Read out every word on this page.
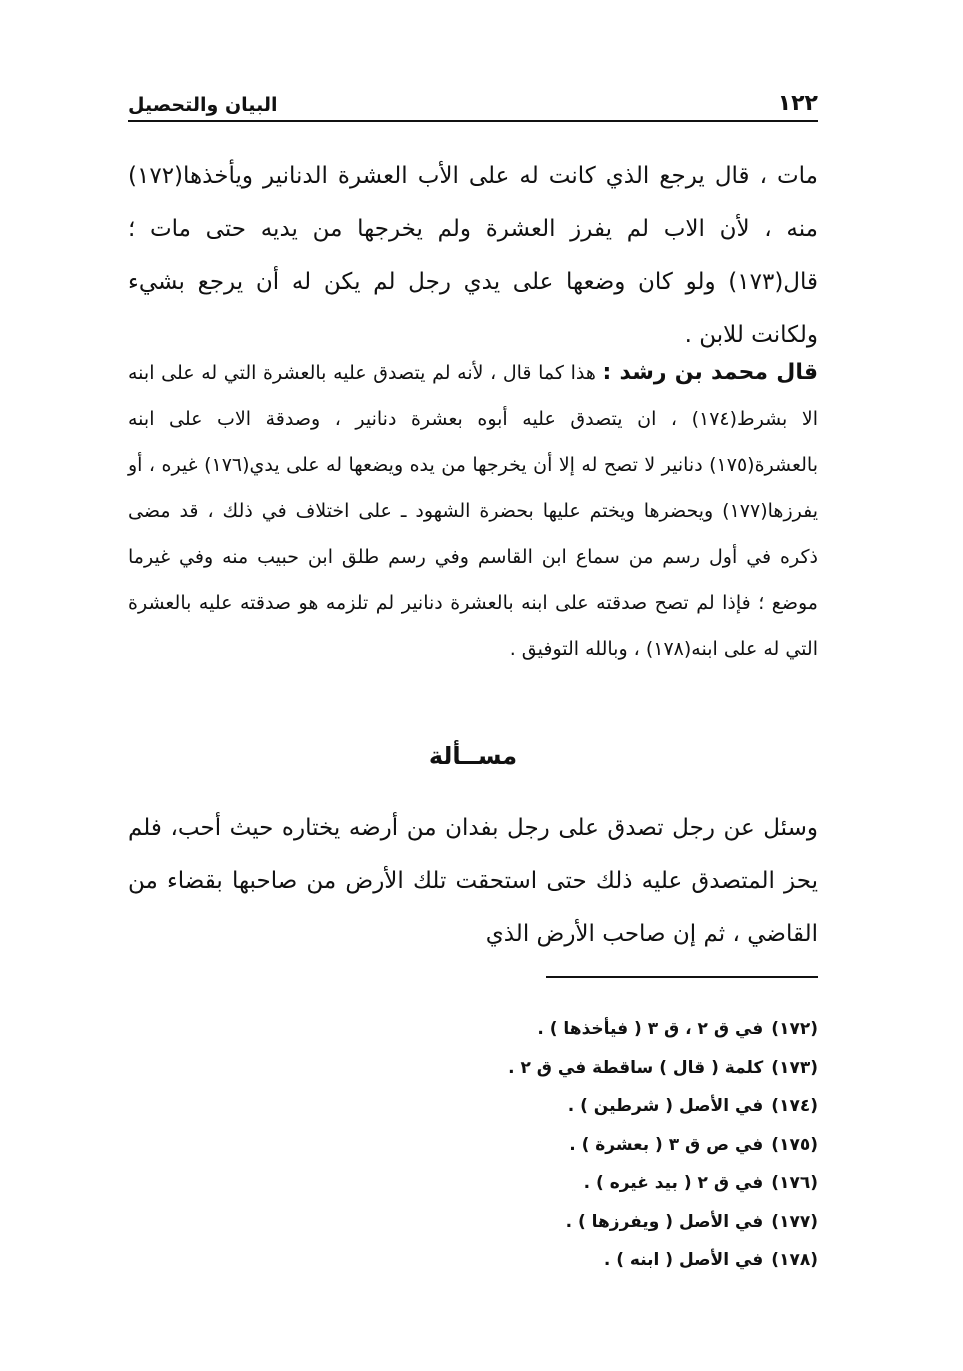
١٢٢
البيان والتحصيل

مات ، قال يرجع الذي كانت له على الأب العشرة الدنانير ويأخذها(١٧٢) منه ، لأن الاب لم يفرز العشرة ولم يخرجها من يديه حتى مات ؛ قال(١٧٣) ولو كان وضعها على يدي رجل لم يكن له أن يرجع بشيء ولكانت للابن .

قال محمد بن رشد : هذا كما قال ، لأنه لم يتصدق عليه بالعشرة التي له على ابنه الا بشرط(١٧٤) ، ان يتصدق عليه أبوه بعشرة دنانير ، وصدقة الاب على ابنه بالعشرة(١٧٥) دنانير لا تصح له إلا أن يخرجها من يده ويضعها له على يدي(١٧٦) غيره ، أو يفرزها(١٧٧) ويحضرها ويختم عليها بحضرة الشهود ـ على اختلاف في ذلك ، قد مضى ذكره في أول رسم من سماع ابن القاسم وفي رسم طلق ابن حبيب منه وفي غيرما موضع ؛ فإذا لم تصح صدقته على ابنه بالعشرة دنانير لم تلزمه هو صدقته عليه بالعشرة التي له على ابنه(١٧٨) ، وبالله التوفيق .

مســألة

وسئل عن رجل تصدق على رجل بفدان من أرضه يختاره حيث أحب، فلم يحز المتصدق عليه ذلك حتى استحقت تلك الأرض من صاحبها بقضاء من القاضي ، ثم إن صاحب الأرض الذي

(١٧٢)في ق ٢ ، ق ٣ ( فيأخذها ) .
(١٧٣)كلمة ( قال ) ساقطة في ق ٢ .
(١٧٤)في الأصل ( شرطين ) .
(١٧٥)في ص ق ٣ ( بعشرة ) .
(١٧٦)في ق ٢ ( بيد غيره ) .
(١٧٧)في الأصل ( ويفرزها ) .
(١٧٨)في الأصل ( ابنه ) .
